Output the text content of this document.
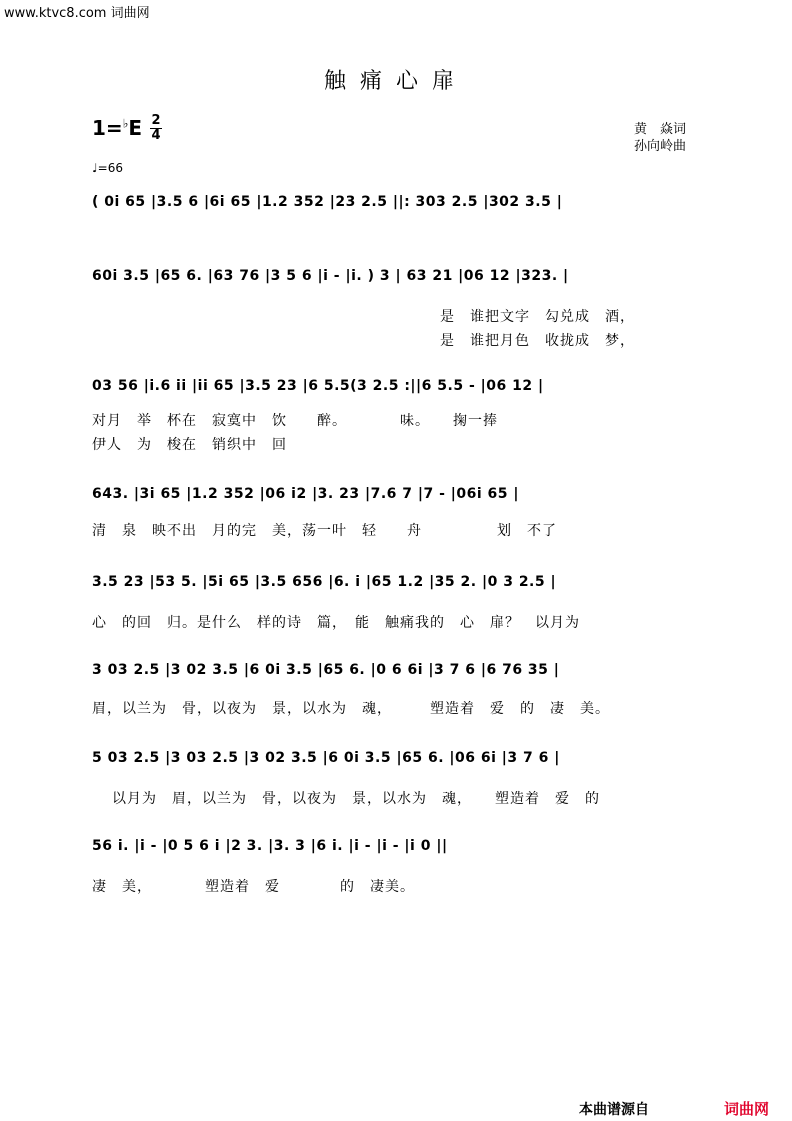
www.ktvc8.com 词曲网
触痛心扉
1=♭E 2
4	黄　焱词
孙向岭曲
♩=66
( 0i 65 |3.5 6 |6i 65 |1.2 352 |23 2.5 ||: 303 2.5 |302 3.5 |
60i 3.5 |65 6. |63 76 |3 5 6 |i - |i. ) 3 | 63 21 |06 12 |323. |
是　谁把文字　勾兑成　酒，
是　谁把月色　收拢成　梦，
03 56 |i.6 ii |ii 65 |3.5 23 |6 5.5(3 2.5 :||6 5.5 - |06 12 |
对月　举　杯在　寂寞中　饮　　醉。　　　　味。　　掬一捧
伊人　为　梭在　销织中　回
643. |3i 65 |1.2 352 |06 i2 |3. 23 |7.6 7 |7 - |06i 65 |
清　泉　映不出　月的完　美，荡一叶　轻　　舟　　　　　划　不了
3.5 23 |53 5. |5i 65 |3.5 656 |6. i |65 1.2 |35 2. |0 3 2.5 |
心　的回　归。是什么　样的诗　篇，　能　触痛我的　心　扉？　以月为
3 03 2.5 |3 02 3.5 |6 0i 3.5 |65 6. |0 6 6i |3 7 6 |6 76 35 |
眉，以兰为　骨，以夜为　景，以水为　魂，　　　塑造着　爱　的　凄　美。
5 03 2.5 |3 03 2.5 |3 02 3.5 |6 0i 3.5 |65 6. |06 6i |3 7 6 |
以月为　眉，以兰为　骨，以夜为　景，以水为　魂，　　塑造着　爱　的
56 i. |i - |0 5 6 i |2 3. |3. 3 |6 i. |i - |i - |i 0 ||
凄　美，　　　　塑造着　爱　　　　的　凄美。
本曲谱源自	词曲网
